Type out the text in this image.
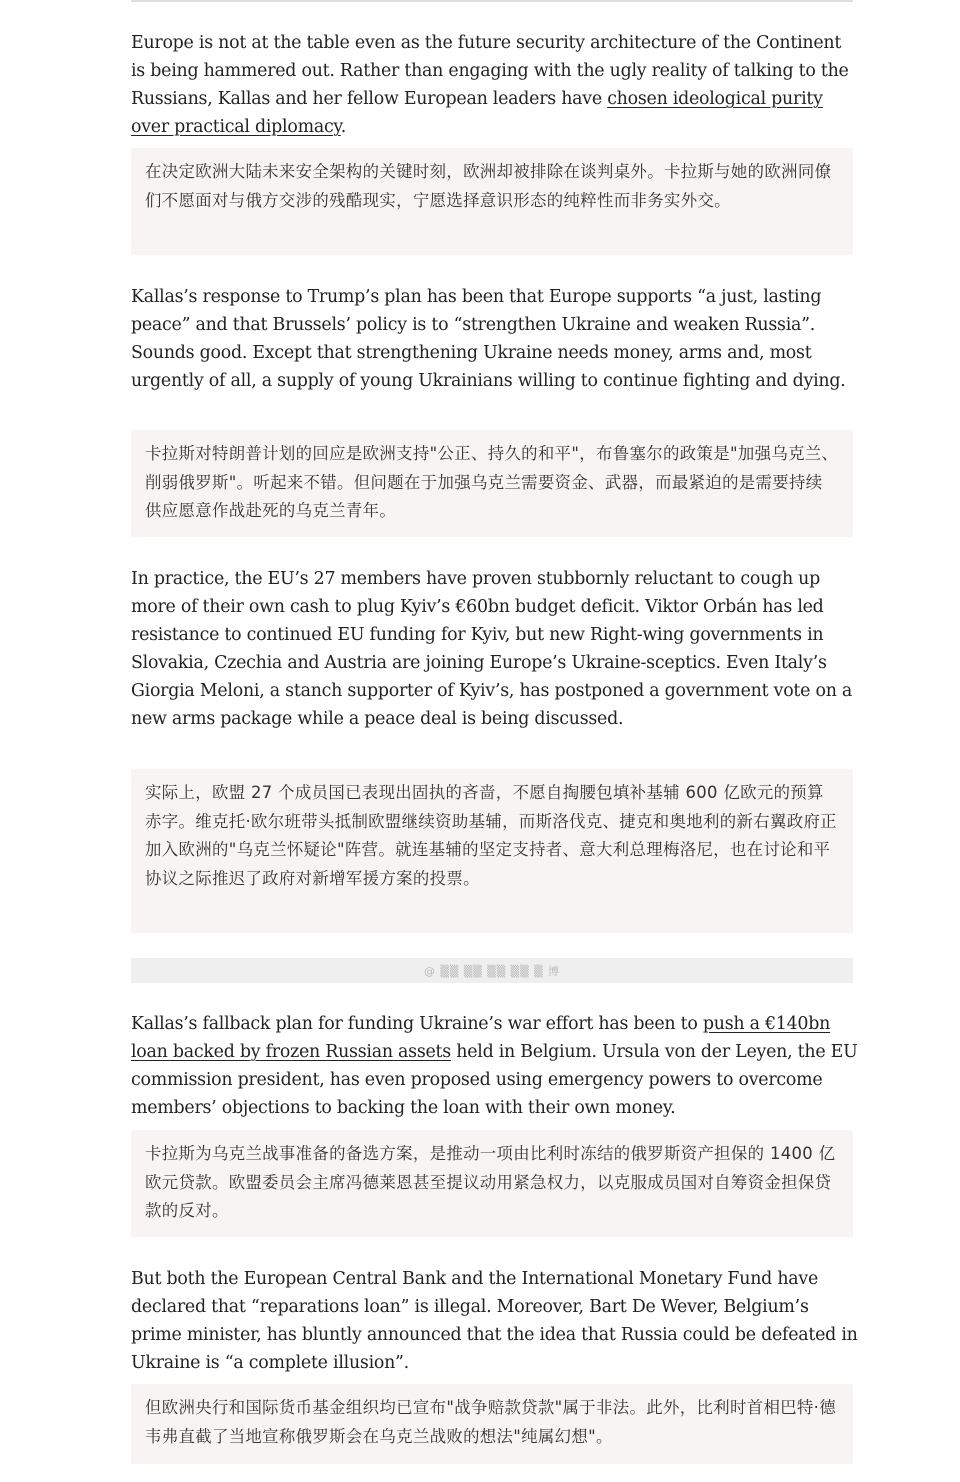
Europe is not at the table even as the future security architecture of the Continent is being hammered out. Rather than engaging with the ugly reality of talking to the Russians, Kallas and her fellow European leaders have chosen ideological purity over practical diplomacy.

在决定欧洲大陆未来安全架构的关键时刻，欧洲却被排除在谈判桌外。卡拉斯与她的欧洲同僚们不愿面对与俄方交涉的残酷现实，宁愿选择意识形态的纯粹性而非务实外交。

Kallas’s response to Trump’s plan has been that Europe supports “a just, lasting peace” and that Brussels’ policy is to “strengthen Ukraine and weaken Russia”. Sounds good. Except that strengthening Ukraine needs money, arms and, most urgently of all, a supply of young Ukrainians willing to continue fighting and dying.

卡拉斯对特朗普计划的回应是欧洲支持"公正、持久的和平"，布鲁塞尔的政策是"加强乌克兰、削弱俄罗斯"。听起来不错。但问题在于加强乌克兰需要资金、武器，而最紧迫的是需要持续供应愿意作战赴死的乌克兰青年。

In practice, the EU’s 27 members have proven stubbornly reluctant to cough up more of their own cash to plug Kyiv’s €60bn budget deficit. Viktor Orbán has led resistance to continued EU funding for Kyiv, but new Right-wing governments in Slovakia, Czechia and Austria are joining Europe’s Ukraine-sceptics. Even Italy’s Giorgia Meloni, a stanch supporter of Kyiv’s, has postponed a government vote on a new arms package while a peace deal is being discussed.

实际上，欧盟 27 个成员国已表现出固执的吝啬，不愿自掏腰包填补基辅 600 亿欧元的预算赤字。维克托·欧尔班带头抵制欧盟继续资助基辅，而斯洛伐克、捷克和奥地利的新右翼政府正加入欧洲的"乌克兰怀疑论"阵营。就连基辅的坚定支持者、意大利总理梅洛尼，也在讨论和平协议之际推迟了政府对新增军援方案的投票。
@ ▒▒ ▒▒ ▒▒ ▒▒ ▒ 博

Kallas’s fallback plan for funding Ukraine’s war effort has been to push a €140bn loan backed by frozen Russian assets held in Belgium. Ursula von der Leyen, the EU commission president, has even proposed using emergency powers to overcome members’ objections to backing the loan with their own money.

卡拉斯为乌克兰战事准备的备选方案，是推动一项由比利时冻结的俄罗斯资产担保的 1400 亿欧元贷款。欧盟委员会主席冯德莱恩甚至提议动用紧急权力，以克服成员国对自筹资金担保贷款的反对。

But both the European Central Bank and the International Monetary Fund have declared that “reparations loan” is illegal. Moreover, Bart De Wever, Belgium’s prime minister, has bluntly announced that the idea that Russia could be defeated in Ukraine is “a complete illusion”.

但欧洲央行和国际货币基金组织均已宣布"战争赔款贷款"属于非法。此外，比利时首相巴特·德韦弗直截了当地宣称俄罗斯会在乌克兰战败的想法"纯属幻想"。
